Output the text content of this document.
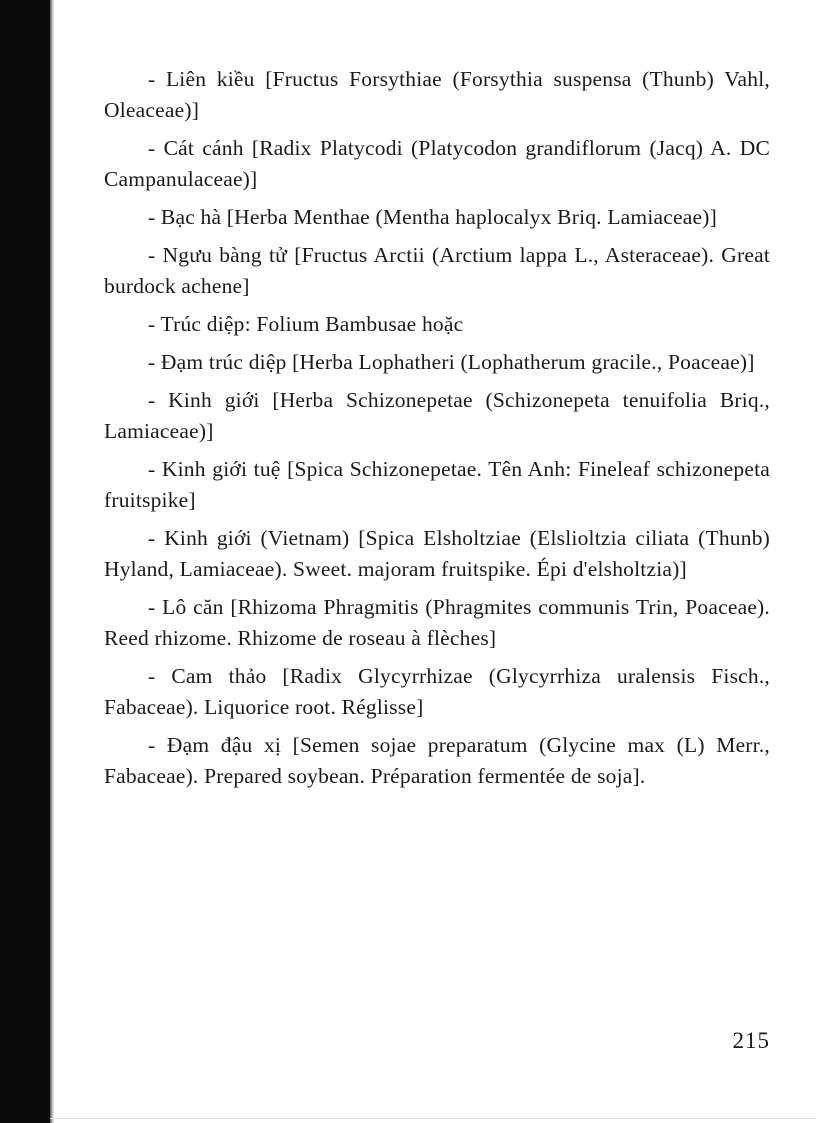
- Liên kiều [Fructus Forsythiae (Forsythia suspensa (Thunb) Vahl, Oleaceae)]

- Cát cánh [Radix Platycodi (Platycodon grandiflorum (Jacq) A. DC Campanulaceae)]

- Bạc hà [Herba Menthae (Mentha haplocalyx Briq. Lamiaceae)]

- Ngưu bàng tử [Fructus Arctii (Arctium lappa L., Asteraceae). Great burdock achene]

- Trúc diệp: Folium Bambusae hoặc

- Đạm trúc diệp [Herba Lophatheri (Lophatherum gracile., Poaceae)]

- Kinh giới [Herba Schizonepetae (Schizonepeta tenuifolia Briq., Lamiaceae)]

- Kinh giới tuệ [Spica Schizonepetae. Tên Anh: Fineleaf schizonepeta fruitspike]

- Kinh giới (Vietnam) [Spica Elsholtziae (Elslioltzia ciliata (Thunb) Hyland, Lamiaceae). Sweet. majoram fruitspike. Épi d'elsholtzia)]

- Lô căn [Rhizoma Phragmitis (Phragmites communis Trin, Poaceae). Reed rhizome. Rhizome de roseau à flèches]

- Cam thảo [Radix Glycyrrhizae (Glycyrrhiza uralensis Fisch., Fabaceae). Liquorice root. Réglisse]

- Đạm đậu xị [Semen sojae preparatum (Glycine max (L) Merr., Fabaceae). Prepared soybean. Préparation fermentée de soja].

215
